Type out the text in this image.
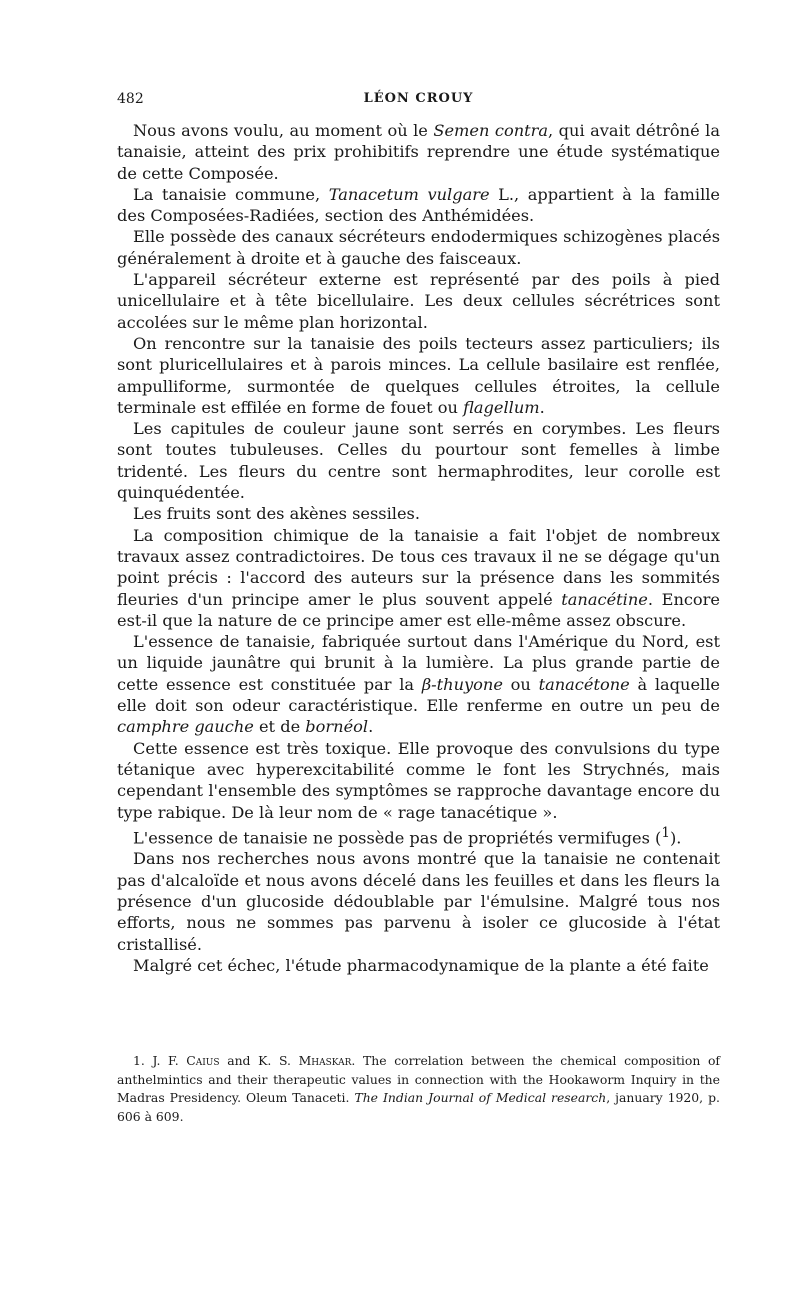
482	LÉON CROUY

Nous avons voulu, au moment où le Semen contra, qui avait détrôné la tanaisie, atteint des prix prohibitifs reprendre une étude systématique de cette Composée.

La tanaisie commune, Tanacetum vulgare L., appartient à la famille des Composées-Radiées, section des Anthémidées.

Elle possède des canaux sécréteurs endodermiques schizogènes placés généralement à droite et à gauche des faisceaux.

L'appareil sécréteur externe est représenté par des poils à pied unicellulaire et à tête bicellulaire. Les deux cellules sécrétrices sont accolées sur le même plan horizontal.

On rencontre sur la tanaisie des poils tecteurs assez particuliers; ils sont pluricellulaires et à parois minces. La cellule basilaire est renflée, ampulliforme, surmontée de quelques cellules étroites, la cellule terminale est effilée en forme de fouet ou flagellum.

Les capitules de couleur jaune sont serrés en corymbes. Les fleurs sont toutes tubuleuses. Celles du pourtour sont femelles à limbe tridenté. Les fleurs du centre sont hermaphrodites, leur corolle est quinquédentée.

Les fruits sont des akènes sessiles.

La composition chimique de la tanaisie a fait l'objet de nombreux travaux assez contradictoires. De tous ces travaux il ne se dégage qu'un point précis : l'accord des auteurs sur la présence dans les sommités fleuries d'un principe amer le plus souvent appelé tanacétine. Encore est-il que la nature de ce principe amer est elle-même assez obscure.

L'essence de tanaisie, fabriquée surtout dans l'Amérique du Nord, est un liquide jaunâtre qui brunit à la lumière. La plus grande partie de cette essence est constituée par la β-thuyone ou tanacétone à laquelle elle doit son odeur caractéristique. Elle renferme en outre un peu de camphre gauche et de bornéol.

Cette essence est très toxique. Elle provoque des convulsions du type tétanique avec hyperexcitabilité comme le font les Strychnés, mais cependant l'ensemble des symptômes se rapproche davantage encore du type rabique. De là leur nom de « rage tanacétique ».

L'essence de tanaisie ne possède pas de propriétés vermifuges ($^1$).

Dans nos recherches nous avons montré que la tanaisie ne contenait pas d'alcaloïde et nous avons décelé dans les feuilles et dans les fleurs la présence d'un glucoside dédoublable par l'émulsine. Malgré tous nos efforts, nous ne sommes pas parvenu à isoler ce glucoside à l'état cristallisé.

Malgré cet échec, l'étude pharmacodynamique de la plante a été faite

1. J. F. Caius and K. S. Mhaskar. The correlation between the chemical composition of anthelmintics and their therapeutic values in connection with the Hookaworm Inquiry in the Madras Presidency. Oleum Tanaceti. The Indian Journal of Medical research, january 1920, p. 606 à 609.
